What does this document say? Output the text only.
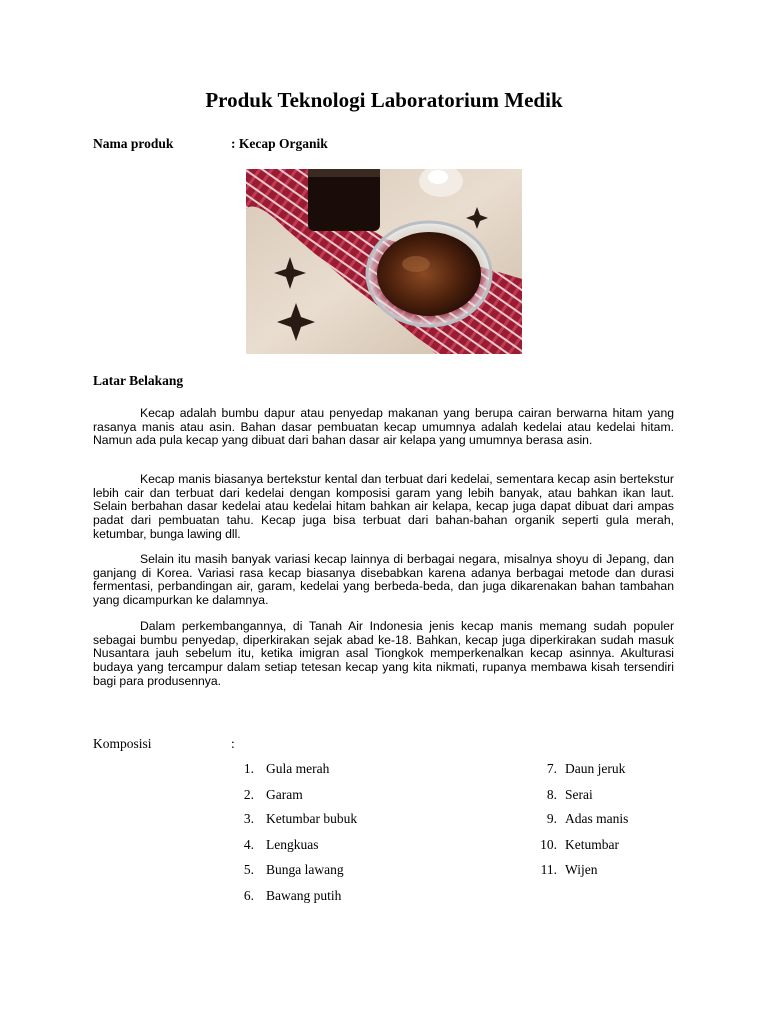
Produk Teknologi Laboratorium Medik
Nama produk	: Kecap Organik
Latar Belakang

Kecap adalah bumbu dapur atau penyedap makanan yang berupa cairan berwarna hitam yang rasanya manis atau asin. Bahan dasar pembuatan kecap umumnya adalah kedelai atau kedelai hitam. Namun ada pula kecap yang dibuat dari bahan dasar air kelapa yang umumnya berasa asin.

Kecap manis biasanya bertekstur kental dan terbuat dari kedelai, sementara kecap asin bertekstur lebih cair dan terbuat dari kedelai dengan komposisi garam yang lebih banyak, atau bahkan ikan laut. Selain berbahan dasar kedelai atau kedelai hitam bahkan air kelapa, kecap juga dapat dibuat dari ampas padat dari pembuatan tahu. Kecap juga bisa terbuat dari bahan-bahan organik seperti gula merah, ketumbar, bunga lawing dll.

Selain itu masih banyak variasi kecap lainnya di berbagai negara, misalnya shoyu di Jepang, dan ganjang di Korea. Variasi rasa kecap biasanya disebabkan karena adanya berbagai metode dan durasi fermentasi, perbandingan air, garam, kedelai yang berbeda-beda, dan juga dikarenakan bahan tambahan yang dicampurkan ke dalamnya.

Dalam perkembangannya, di Tanah Air Indonesia jenis kecap manis memang sudah populer sebagai bumbu penyedap, diperkirakan sejak abad ke-18. Bahkan, kecap juga diperkirakan sudah masuk Nusantara jauh sebelum itu, ketika imigran asal Tiongkok memperkenalkan kecap asinnya. Akulturasi budaya yang tercampur dalam setiap tetesan kecap yang kita nikmati, rupanya membawa kisah tersendiri bagi para produsennya.

Komposisi	:
1. Gula merah
2. Garam
3. Ketumbar bubuk
4. Lengkuas
5. Bunga lawang
6. Bawang putih
7. Daun jeruk
8. Serai
9. Adas manis
10. Ketumbar
11. Wijen
